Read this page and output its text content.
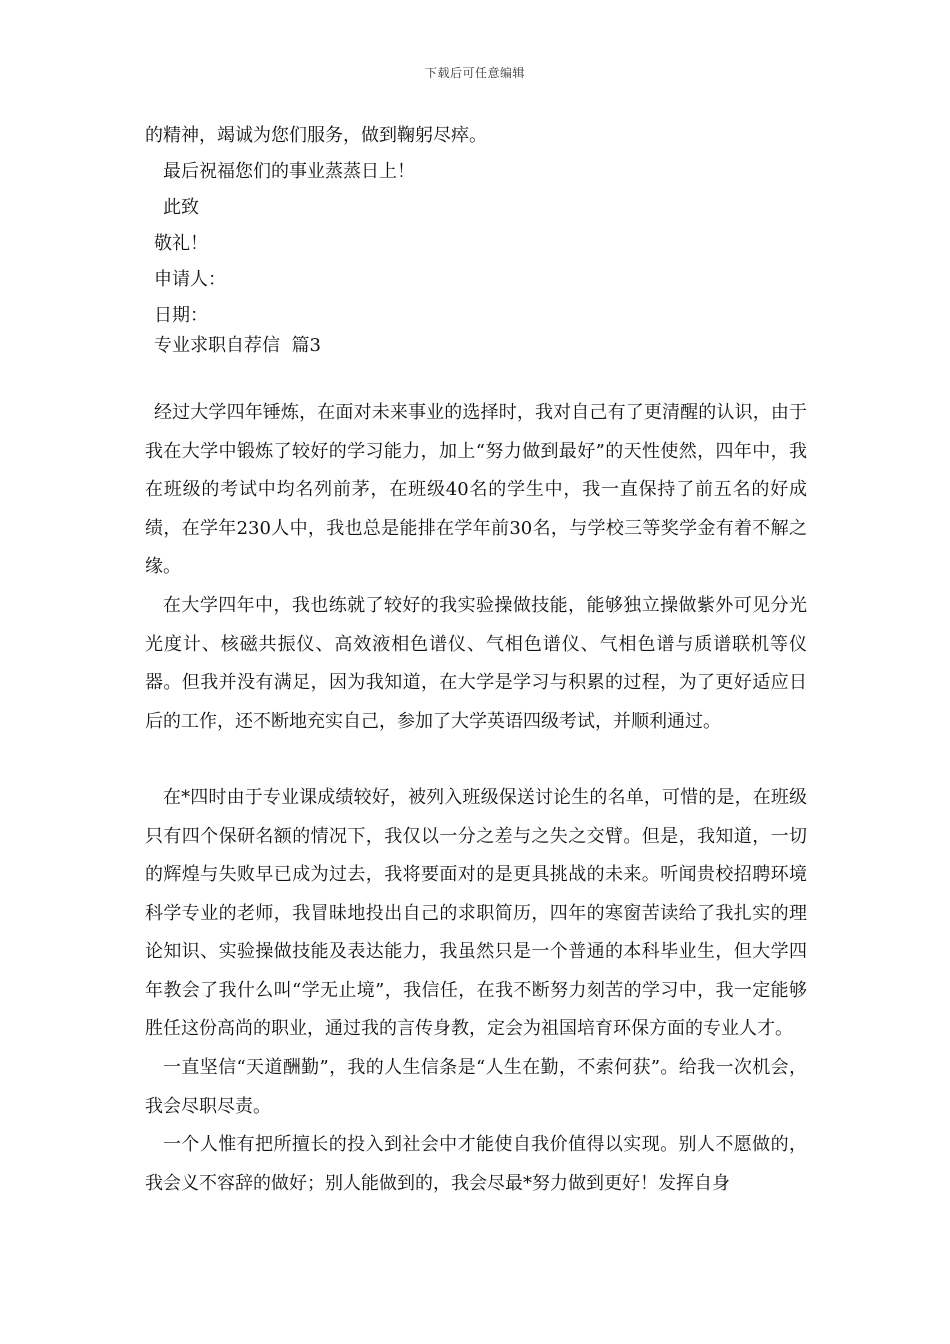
下载后可任意编辑
的精神，竭诚为您们服务，做到鞠躬尽瘁。
最后祝福您们的事业蒸蒸日上！
此致
敬礼！
申请人：
日期：
专业求职自荐信  篇3
经过大学四年锤炼，在面对未来事业的选择时，我对自己有了更清醒的认识，由于我在大学中锻炼了较好的学习能力，加上“努力做到最好”的天性使然，四年中，我在班级的考试中均名列前茅，在班级40名的学生中，我一直保持了前五名的好成绩，在学年230人中，我也总是能排在学年前30名，与学校三等奖学金有着不解之缘。
在大学四年中，我也练就了较好的我实验操做技能，能够独立操做紫外可见分光光度计、核磁共振仪、高效液相色谱仪、气相色谱仪、气相色谱与质谱联机等仪器。但我并没有满足，因为我知道，在大学是学习与积累的过程，为了更好适应日后的工作，还不断地充实自己，参加了大学英语四级考试，并顺利通过。
在*四时由于专业课成绩较好，被列入班级保送讨论生的名单，可惜的是，在班级只有四个保研名额的情况下，我仅以一分之差与之失之交臂。但是，我知道，一切的辉煌与失败早已成为过去，我将要面对的是更具挑战的未来。听闻贵校招聘环境科学专业的老师，我冒昧地投出自己的求职简历，四年的寒窗苦读给了我扎实的理论知识、实验操做技能及表达能力，我虽然只是一个普通的本科毕业生，但大学四年教会了我什么叫“学无止境”，我信任，在我不断努力刻苦的学习中，我一定能够胜任这份高尚的职业，通过我的言传身教，定会为祖国培育环保方面的专业人才。
一直坚信“天道酬勤”，我的人生信条是“人生在勤，不索何获”。给我一次机会，我会尽职尽责。
一个人惟有把所擅长的投入到社会中才能使自我价值得以实现。别人不愿做的，我会义不容辞的做好；别人能做到的，我会尽最*努力做到更好！发挥自身
